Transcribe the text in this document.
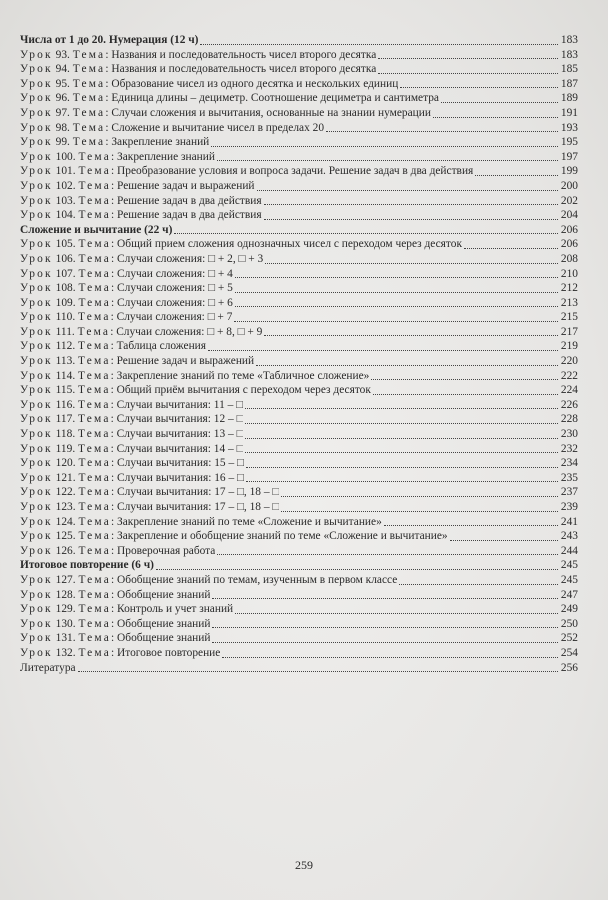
Числа от 1 до 20. Нумерация (12 ч)	183
Урок 93. Тема: Названия и последовательность чисел второго десятка	183
Урок 94. Тема: Названия и последовательность чисел второго десятка	185
Урок 95. Тема: Образование чисел из одного десятка и нескольких единиц	187
Урок 96. Тема: Единица длины – дециметр. Соотношение дециметра и сантиметра	189
Урок 97. Тема: Случаи сложения и вычитания, основанные на знании нумерации	191
Урок 98. Тема: Сложение и вычитание чисел в пределах 20	193
Урок 99. Тема: Закрепление знаний	195
Урок 100. Тема: Закрепление знаний	197
Урок 101. Тема: Преобразование условия и вопроса задачи. Решение задач в два действия	199
Урок 102. Тема: Решение задач и выражений	200
Урок 103. Тема: Решение задач в два действия	202
Урок 104. Тема: Решение задач в два действия	204
Сложение и вычитание (22 ч)	206
Урок 105. Тема: Общий прием сложения однозначных чисел с переходом через десяток	206
Урок 106. Тема: Случаи сложения: □ + 2, □ + 3	208
Урок 107. Тема: Случаи сложения: □ + 4	210
Урок 108. Тема: Случаи сложения: □ + 5	212
Урок 109. Тема: Случаи сложения: □ + 6	213
Урок 110. Тема: Случаи сложения: □ + 7	215
Урок 111. Тема: Случаи сложения: □ + 8, □ + 9	217
Урок 112. Тема: Таблица сложения	219
Урок 113. Тема: Решение задач и выражений	220
Урок 114. Тема: Закрепление знаний по теме «Табличное сложение»	222
Урок 115. Тема: Общий приём вычитания с переходом через десяток	224
Урок 116. Тема: Случаи вычитания: 11 – □	226
Урок 117. Тема: Случаи вычитания: 12 – □	228
Урок 118. Тема: Случаи вычитания: 13 – □	230
Урок 119. Тема: Случаи вычитания: 14 – □	232
Урок 120. Тема: Случаи вычитания: 15 – □	234
Урок 121. Тема: Случаи вычитания: 16 – □	235
Урок 122. Тема: Случаи вычитания: 17 – □, 18 – □	237
Урок 123. Тема: Случаи вычитания: 17 – □, 18 – □	239
Урок 124. Тема: Закрепление знаний по теме «Сложение и вычитание»	241
Урок 125. Тема: Закрепление и обобщение знаний по теме «Сложение и вычитание»	243
Урок 126. Тема: Проверочная работа	244
Итоговое повторение (6 ч)	245
Урок 127. Тема: Обобщение знаний по темам, изученным в первом классе	245
Урок 128. Тема: Обобщение знаний	247
Урок 129. Тема: Контроль и учет знаний	249
Урок 130. Тема: Обобщение знаний	250
Урок 131. Тема: Обобщение знаний	252
Урок 132. Тема: Итоговое повторение	254
Литература	256
259
